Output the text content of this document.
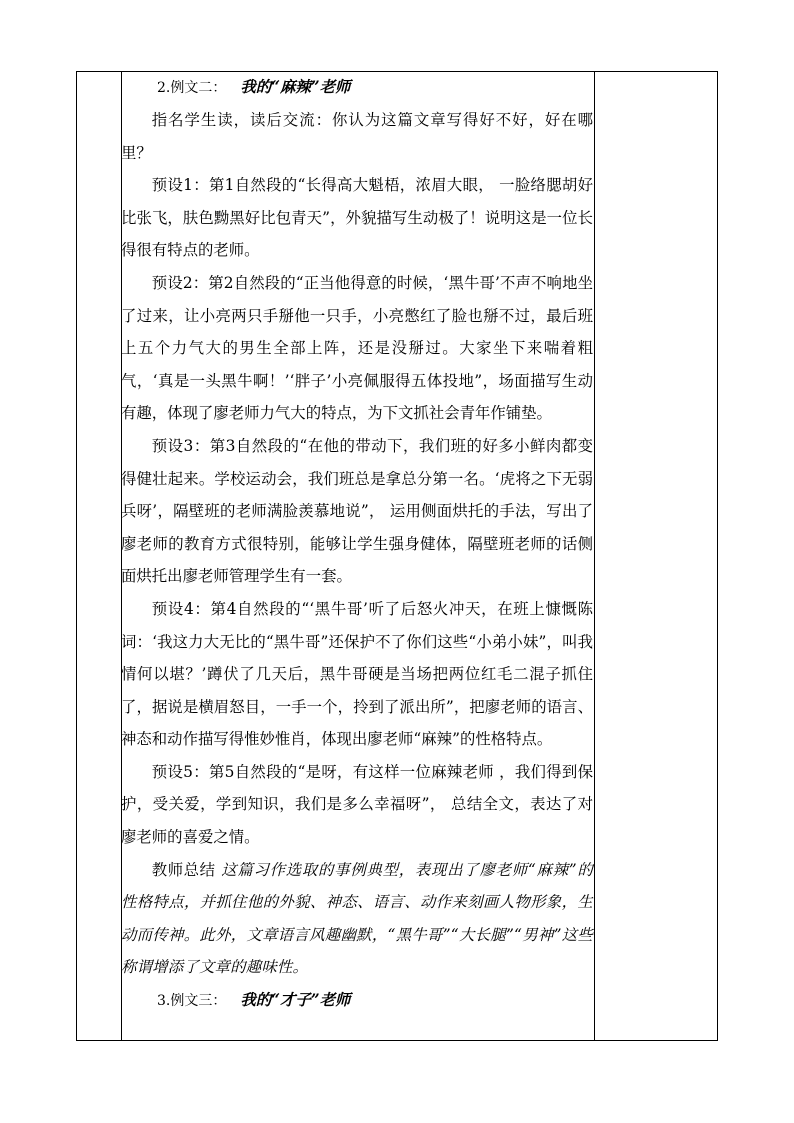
2.例文二： 我的“麻辣”老师

指名学生读，读后交流：你认为这篇文章写得好不好，好在哪里？

预设1：第1自然段的“长得高大魁梧，浓眉大眼， 一脸络腮胡好比张飞，肤色黝黑好比包青天”，外貌描写生动极了！说明这是一位长得很有特点的老师。

预设2：第2自然段的“正当他得意的时候，‘黑牛哥’不声不响地坐了过来，让小亮两只手掰他一只手，小亮憋红了脸也掰不过，最后班上五个力气大的男生全部上阵，还是没掰过。大家坐下来喘着粗气，‘真是一头黑牛啊！’‘胖子’小亮佩服得五体投地”，场面描写生动有趣，体现了廖老师力气大的特点，为下文抓社会青年作铺垫。

预设3：第3自然段的“在他的带动下，我们班的好多小鲜肉都变得健壮起来。学校运动会，我们班总是拿总分第一名。‘虎将之下无弱兵呀’，隔壁班的老师满脸羡慕地说”， 运用侧面烘托的手法，写出了廖老师的教育方式很特别，能够让学生强身健体，隔壁班老师的话侧面烘托出廖老师管理学生有一套。

预设4：第4自然段的“‘黑牛哥’听了后怒火冲天，在班上慷慨陈词：‘我这力大无比的“黑牛哥”还保护不了你们这些“小弟小妹”，叫我情何以堪？’蹲伏了几天后，黑牛哥硬是当场把两位红毛二混子抓住了，据说是横眉怒目，一手一个，拎到了派出所”，把廖老师的语言、神态和动作描写得惟妙惟肖，体现出廖老师“麻辣”的性格特点。

预设5：第5自然段的“是呀，有这样一位麻辣老师 ，我们得到保护，受关爱，学到知识，我们是多么幸福呀”， 总结全文，表达了对廖老师的喜爱之情。

教师总结 这篇习作选取的事例典型，表现出了廖老师“麻辣”的性格特点，并抓住他的外貌、神态、语言、动作来刻画人物形象，生动而传神。此外，文章语言风趣幽默，“黑牛哥”“大长腿”“男神”这些称谓增添了文章的趣味性。

3.例文三： 我的“才子”老师
